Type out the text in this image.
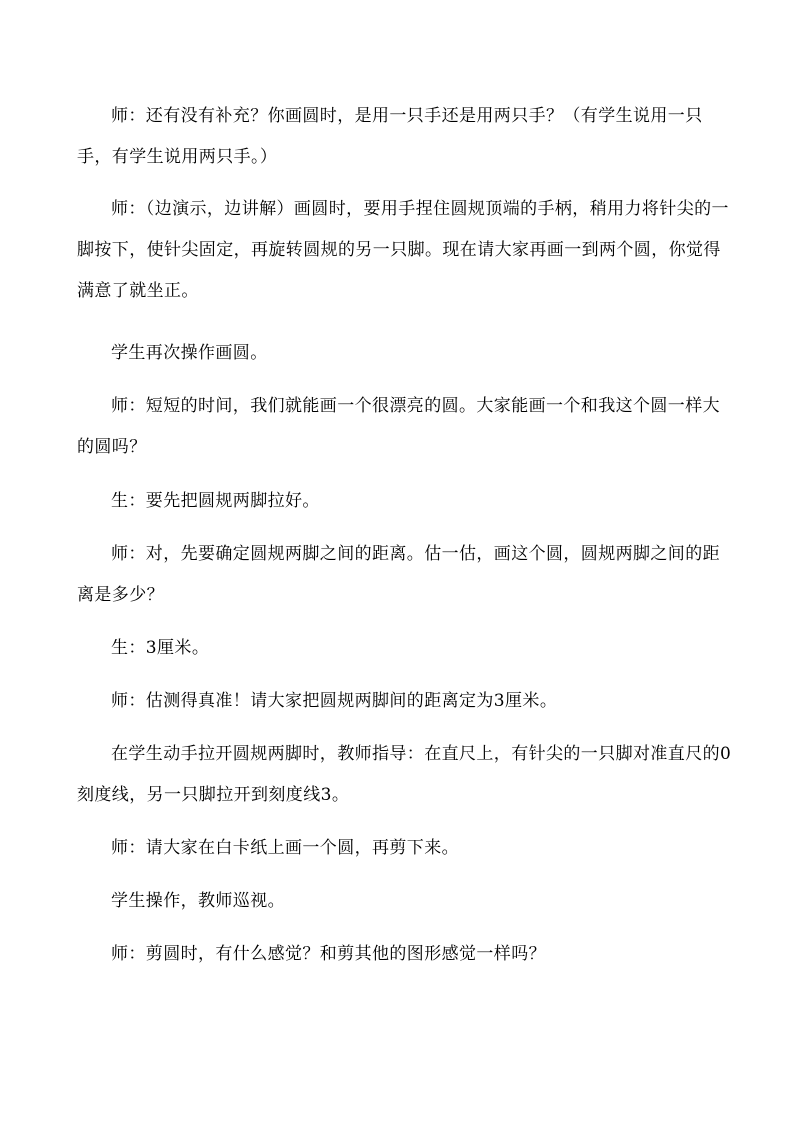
师：还有没有补充？你画圆时，是用一只手还是用两只手？（有学生说用一只手，有学生说用两只手。）

师：（边演示，边讲解）画圆时，要用手捏住圆规顶端的手柄，稍用力将针尖的一脚按下，使针尖固定，再旋转圆规的另一只脚。现在请大家再画一到两个圆，你觉得满意了就坐正。

学生再次操作画圆。

师：短短的时间，我们就能画一个很漂亮的圆。大家能画一个和我这个圆一样大的圆吗？

生：要先把圆规两脚拉好。

师：对，先要确定圆规两脚之间的距离。估一估，画这个圆，圆规两脚之间的距离是多少？

生：3厘米。

师：估测得真准！请大家把圆规两脚间的距离定为3厘米。

在学生动手拉开圆规两脚时，教师指导：在直尺上，有针尖的一只脚对准直尺的0刻度线，另一只脚拉开到刻度线3。

师：请大家在白卡纸上画一个圆，再剪下来。

学生操作，教师巡视。

师：剪圆时，有什么感觉？和剪其他的图形感觉一样吗？
